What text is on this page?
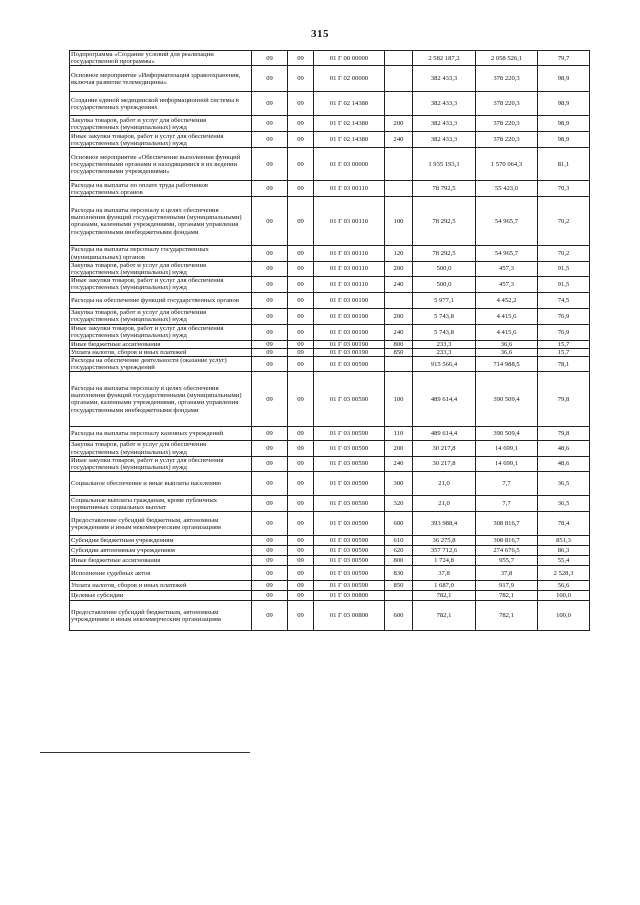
315
Подпрограмма «Создание условий для реализации государственной программы»	09	09	01 Г 00 00000		2 582 187,2	2 058 526,1	79,7
Основное мероприятие «Информатизация здравоохранения, включая развитие телемедицины»	09	09	01 Г 02 00000		382 433,3	378 220,3	98,9
Создание единой медицинской информационной системы в государственных учреждениях	09	09	01 Г 02 14380		382 433,3	378 220,3	98,9
Закупка товаров, работ и услуг для обеспечения государственных (муниципальных) нужд	09	09	01 Г 02 14380	200	382 433,3	378 220,3	98,9
Иные закупки товаров, работ и услуг для обеспечения государственных (муниципальных) нужд	09	09	01 Г 02 14380	240	382 433,3	378 220,3	98,9
Основное мероприятие «Обеспечение выполнения функций государственными органами и находящимися в их ведении государственными учреждениями»	09	09	01 Г 03 00000		1 935 193,1	1 570 064,3	81,1
Расходы на выплаты по оплате труда работников государственных органов	09	09	01 Г 03 00110		78 792,5	55 423,0	70,3
Расходы на выплаты персоналу в целях обеспечения выполнения функций государственными (муниципальными) органами, казенными учреждениями, органами управления государственными внебюджетными фондами	09	09	01 Г 03 00110	100	78 292,5	54 965,7	70,2
Расходы на выплаты персоналу государственных (муниципальных) органов	09	09	01 Г 03 00110	120	78 292,5	54 965,7	70,2
Закупка товаров, работ и услуг для обеспечения государственных (муниципальных) нужд	09	09	01 Г 03 00110	200	500,0	457,3	91,5
Иные закупки товаров, работ и услуг для обеспечения государственных (муниципальных) нужд	09	09	01 Г 03 00110	240	500,0	457,3	91,5
Расходы на обеспечение функций государственных органов	09	09	01 Г 03 00190		5 977,1	4 452,2	74,5
Закупка товаров, работ и услуг для обеспечения государственных (муниципальных) нужд	09	09	01 Г 03 00190	200	5 743,8	4 415,6	76,9
Иные закупки товаров, работ и услуг для обеспечения государственных (муниципальных) нужд	09	09	01 Г 03 00190	240	5 743,8	4 415,6	76,9
Иные бюджетные ассигнования	09	09	01 Г 03 00190	800	233,3	36,6	15,7
Уплата налогов, сборов и иных платежей	09	09	01 Г 03 00190	850	233,3	36,6	15,7
Расходы на обеспечение деятельности (оказание услуг) государственных учреждений	09	09	01 Г 03 00590		915 566,4	714 988,5	78,1
Расходы на выплаты персоналу в целях обеспечения выполнения функций государственными (муниципальными) органами, казенными учреждениями, органами управления государственными внебюджетными фондами	09	09	01 Г 03 00590	100	489 614,4	390 509,4	79,8
Расходы на выплаты персоналу казенных учреждений	09	09	01 Г 03 00590	110	489 614,4	390 509,4	79,8
Закупка товаров, работ и услуг для обеспечения государственных (муниципальных) нужд	09	09	01 Г 03 00590	200	30 217,8	14 699,1	48,6
Иные закупки товаров, работ и услуг для обеспечения государственных (муниципальных) нужд	09	09	01 Г 03 00590	240	30 217,8	14 699,1	48,6
Социальное обеспечение и иные выплаты населению	09	09	01 Г 03 00590	300	21,0	7,7	36,5
Социальные выплаты гражданам, кроме публичных нормативных социальных выплат	09	09	01 Г 03 00590	320	21,0	7,7	36,5
Предоставление субсидий бюджетным, автономным учреждениям и иным некоммерческим организациям	09	09	01 Г 03 00590	600	393 988,4	308 816,7	78,4
Субсидии бюджетным учреждениям	09	09	01 Г 03 00590	610	36 275,8	308 816,7	851,3
Субсидии автономным учреждениям	09	09	01 Г 03 00590	620	357 712,6	274 676,5	86,3
Иные бюджетные ассигнования	09	09	01 Г 03 00590	800	1 724,8	955,7	55,4
Исполнение судебных актов	09	09	01 Г 03 00590	830	37,8	37,8	2 528,3
Уплата налогов, сборов и иных платежей	09	09	01 Г 03 00590	850	1 687,0	917,9	56,6
Целевые субсидии	09	09	01 Г 03 00800		782,1	782,1	100,0
Предоставление субсидий бюджетным, автономным учреждениям и иным некоммерческим организациям	09	09	01 Г 03 00800	600	782,1	782,1	100,0
